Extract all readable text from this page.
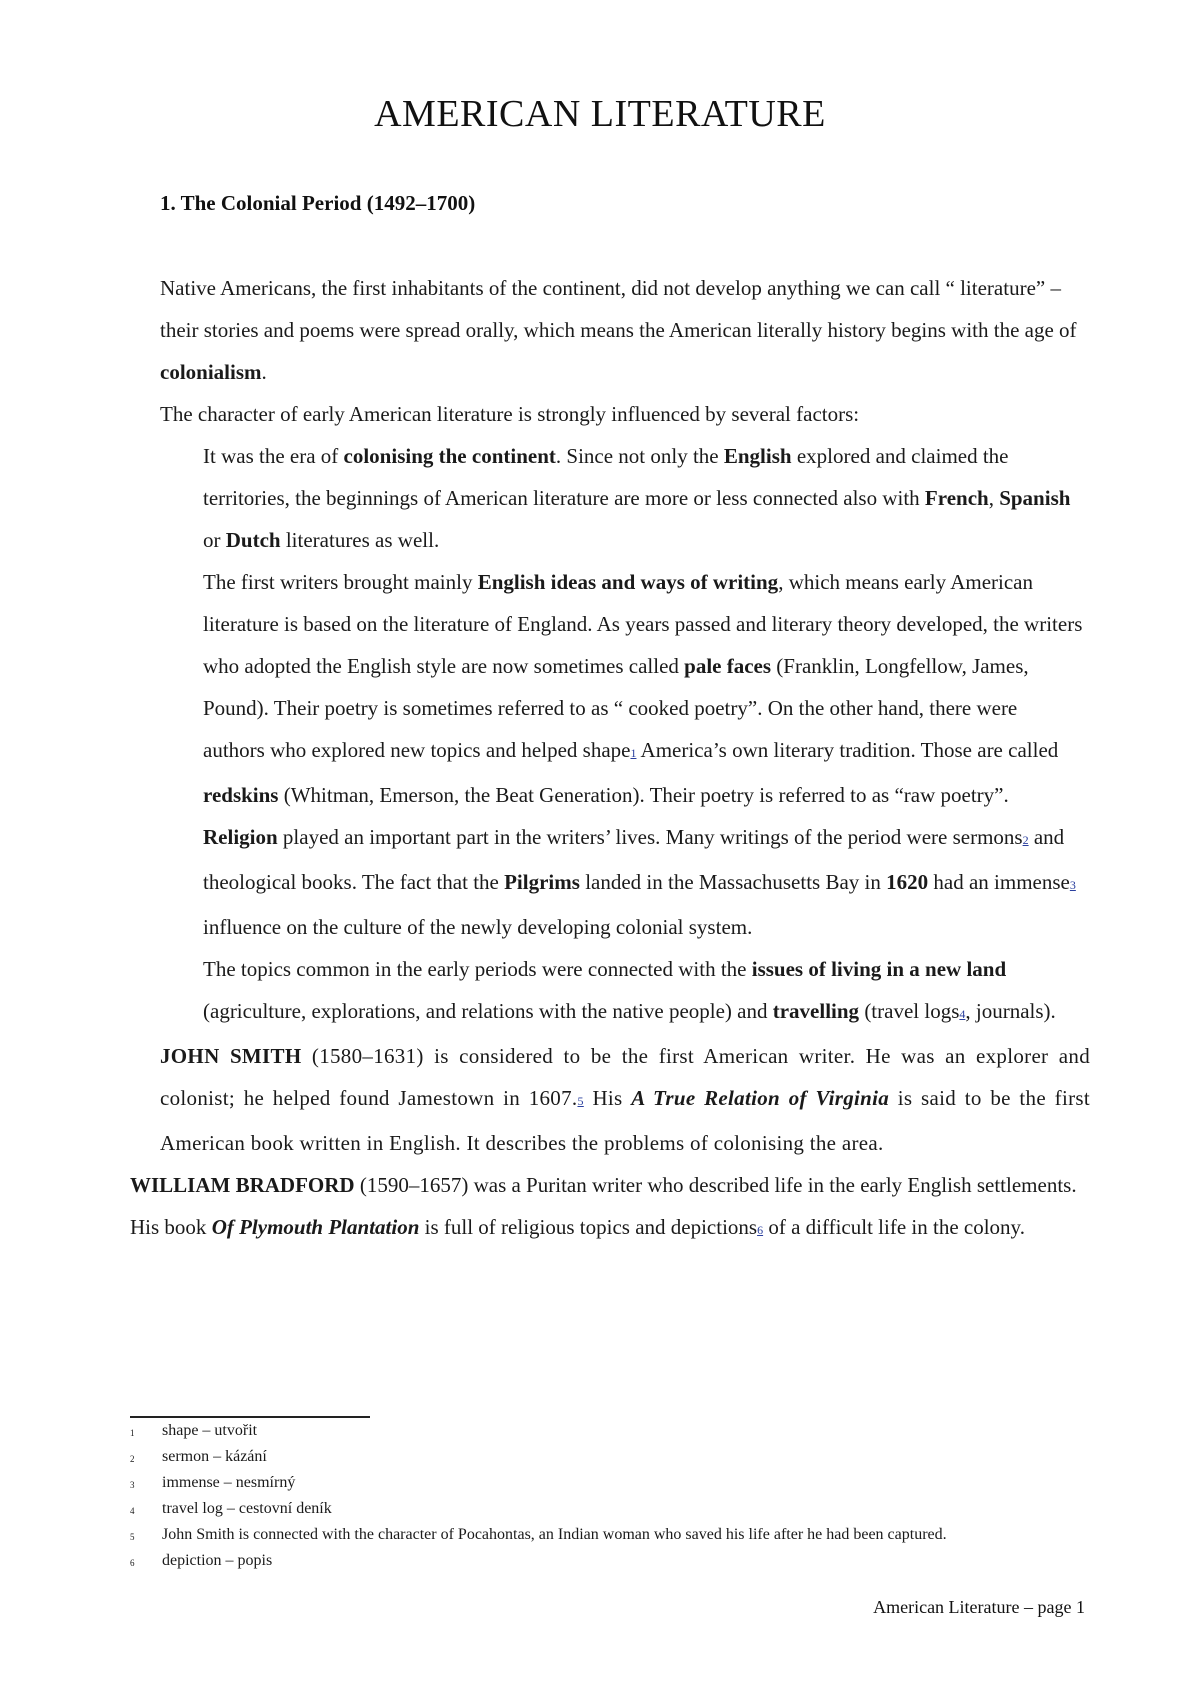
AMERICAN LITERATURE
1. The Colonial Period (1492–1700)

Native Americans, the first inhabitants of the continent, did not develop anything we can call “ literature” – their stories and poems were spread orally, which means the American literally history begins with the age of colonialism.

The character of early American literature is strongly influenced by several factors:

It was the era of colonising the continent. Since not only the English explored and claimed the territories, the beginnings of American literature are more or less connected also with French, Spanish or Dutch literatures as well.

The first writers brought mainly English ideas and ways of writing, which means early American literature is based on the literature of England. As years passed and literary theory developed, the writers who adopted the English style are now sometimes called pale faces (Franklin, Longfellow, James, Pound). Their poetry is sometimes referred to as “ cooked poetry”. On the other hand, there were authors who explored new topics and helped shape1 America’s own literary tradition. Those are called redskins (Whitman, Emerson, the Beat Generation). Their poetry is referred to as “raw poetry”.

Religion played an important part in the writers’ lives. Many writings of the period were sermons2 and theological books. The fact that the Pilgrims landed in the Massachusetts Bay in 1620 had an immense3 influence on the culture of the newly developing colonial system.

The topics common in the early periods were connected with the issues of living in a new land (agriculture, explorations, and relations with the native people) and travelling (travel logs4, journals).

JOHN SMITH (1580–1631) is considered to be the first American writer. He was an explorer and colonist; he helped found Jamestown in 1607.5 His A True Relation of Virginia is said to be the first American book written in English. It describes the problems of colonising the area.

WILLIAM BRADFORD (1590–1657) was a Puritan writer who described life in the early English settlements. His book Of Plymouth Plantation is full of religious topics and depictions6 of a difficult life in the colony.

1	shape – utvořit
2	sermon – kázání
3	immense – nesmírný
4	travel log – cestovní deník
5	John Smith is connected with the character of Pocahontas, an Indian woman who saved his life after he had been captured.
6	depiction – popis

American Literature – page 1
